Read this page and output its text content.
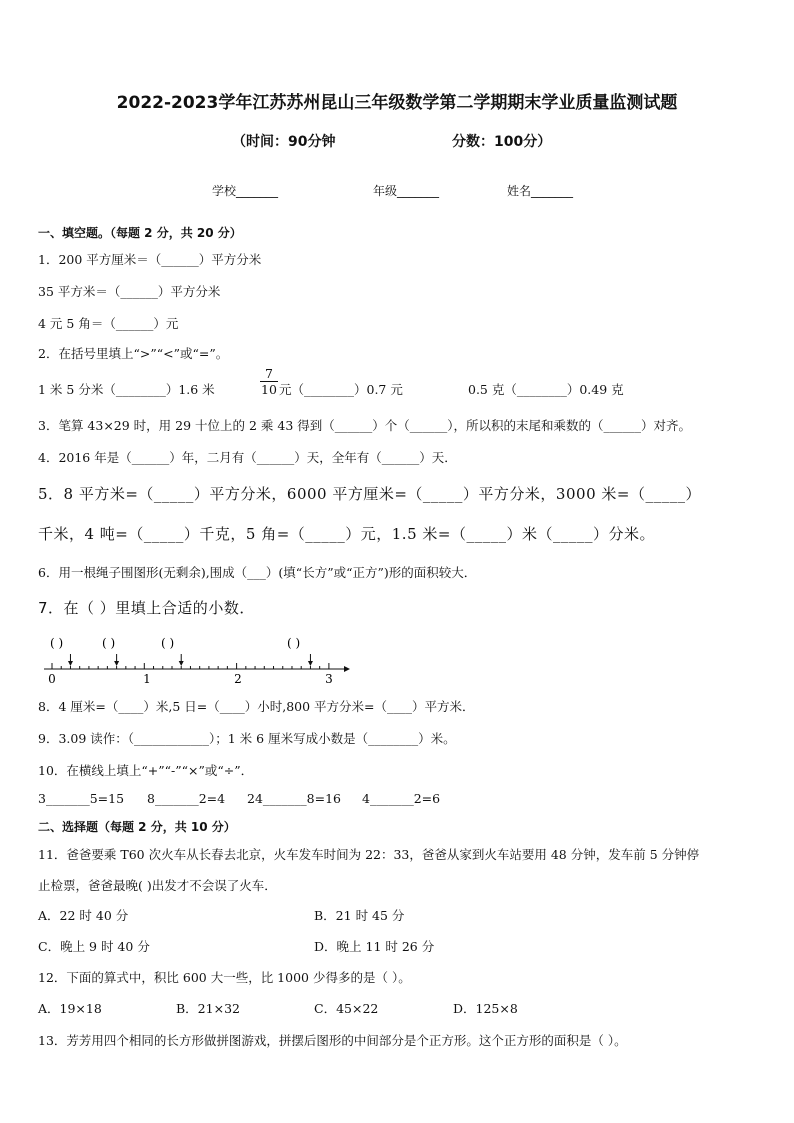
2022-2023学年江苏苏州昆山三年级数学第二学期期末学业质量监测试题
（时间：90分钟	分数：100分）
学校_______	年级_______	姓名_______
一、填空题。（每题 2 分，共 20 分）
1．200 平方厘米＝（______）平方分米
35 平方米＝（______）平方分米
4 元 5 角＝（______）元
2．在括号里填上“>”“<”或“=”。
1 米 5 分米（________）1.6 米	$\frac{7}{10}$ 元（________）0.7 元	0.5 克（________）0.49 克
3．笔算 43×29 时，用 29 十位上的 2 乘 43 得到（______）个（______），所以积的末尾和乘数的（______）对齐。
4．2016 年是（______）年，二月有（______）天，全年有（______）天．
5．8 平方米=（_____）平方分米，6000 平方厘米=（_____）平方分米，3000 米=（_____）
千米，4 吨=（_____）千克，5 角=（_____）元，1.5 米=（_____）米（_____）分米。
6．用一根绳子围图形(无剩余),围成（___）(填“长方”或“正方”)形的面积较大．
7．在（ ）里填上合适的小数．
( )	( )	( )	( )
0	1	2	3
8．4 厘米=（____）米,5 日=（____）小时,800 平方分米=（____）平方米．
9．3.09 读作：（____________）；1 米 6 厘米写成小数是（________）米。
10．在横线上填上“+”“-”“×”或“÷”．
3_______5=15 8_______2=4 24_______8=16 4_______2=6
二、选择题（每题 2 分，共 10 分）
11．爸爸要乘 T60 次火车从长春去北京，火车发车时间为 22：33，爸爸从家到火车站要用 48 分钟，发车前 5 分钟停
止检票，爸爸最晚( )出发才不会误了火车．
A．22 时 40 分	B．21 时 45 分
C．晚上 9 时 40 分	D．晚上 11 时 26 分
12．下面的算式中，积比 600 大一些，比 1000 少得多的是（ ）。
A．19×18	B．21×32	C．45×22	D．125×8
13．芳芳用四个相同的长方形做拼图游戏，拼摆后图形的中间部分是个正方形。这个正方形的面积是（ ）。
